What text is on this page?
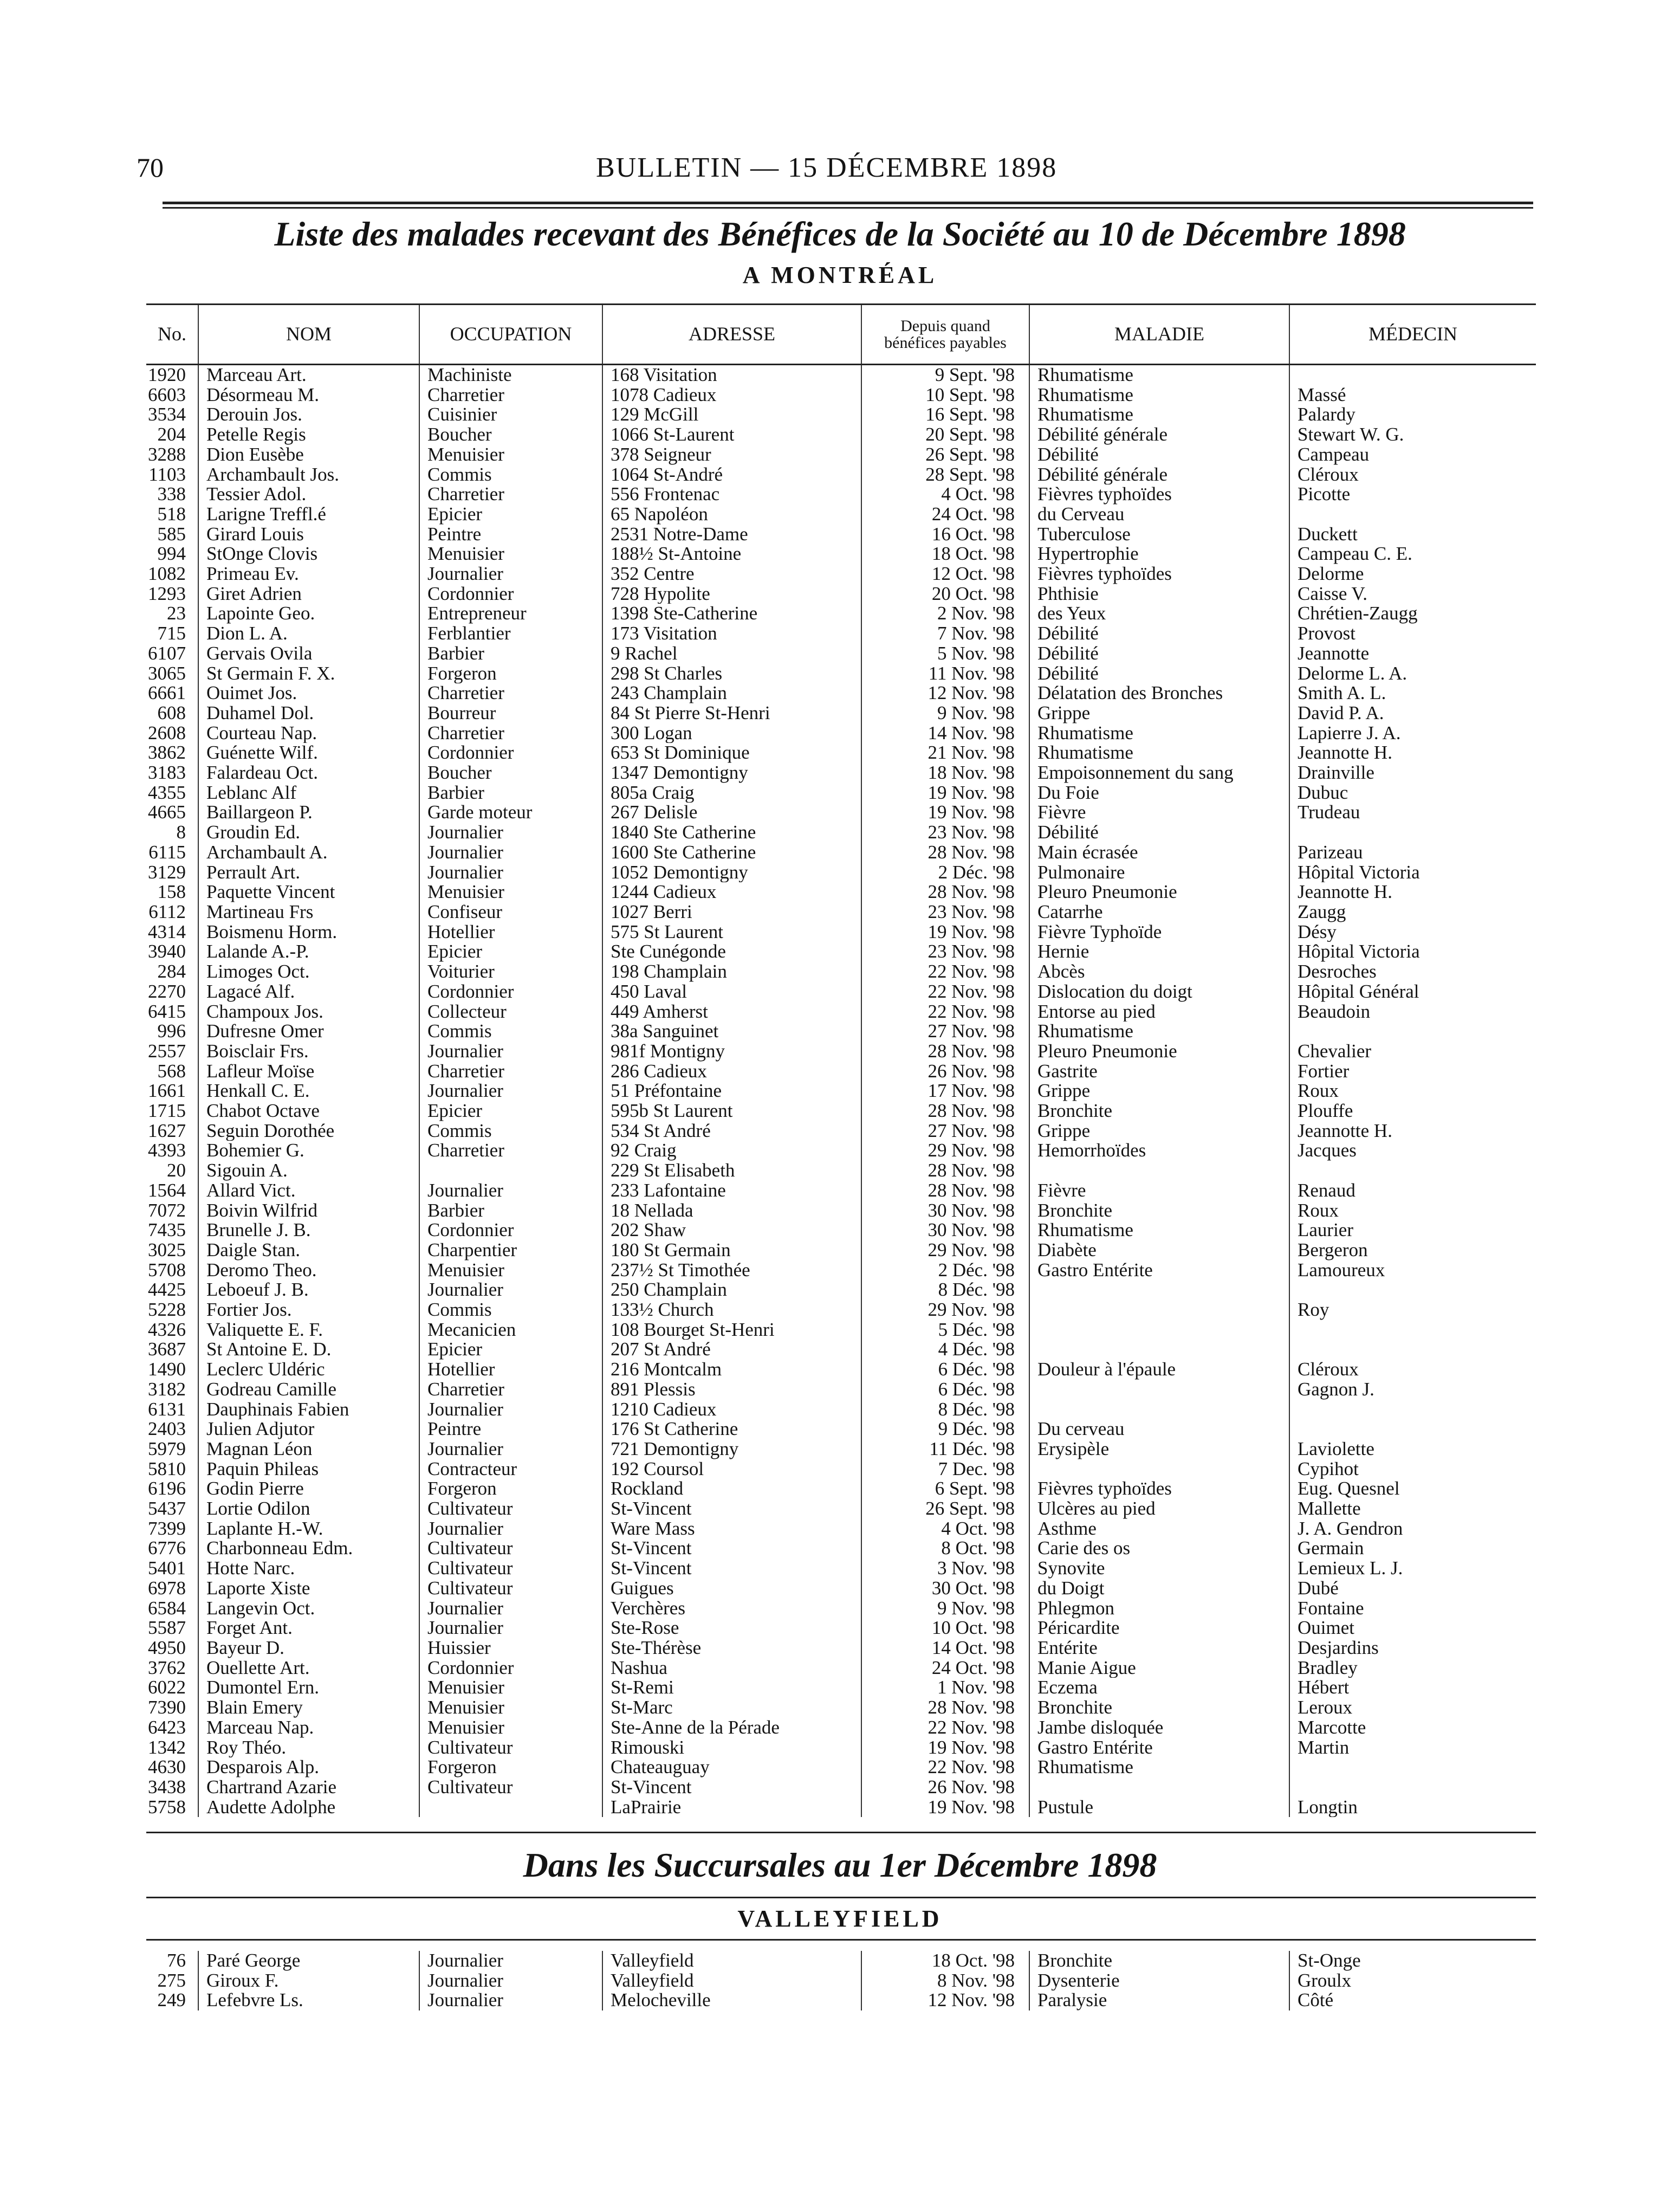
70	BULLETIN — 15 DÉCEMBRE 1898
Liste des malades recevant des Bénéfices de la Société au 10 de Décembre 1898
A MONTRÉAL
No.	NOM	OCCUPATION	ADRESSE	Depuis quand
bénéfices payables	MALADIE	MÉDECIN
1920	Marceau Art.	Machiniste	168 Visitation	9 Sept. '98	Rhumatisme	
6603	Désormeau M.	Charretier	1078 Cadieux	10 Sept. '98	Rhumatisme	Massé
3534	Derouin Jos.	Cuisinier	129 McGill	16 Sept. '98	Rhumatisme	Palardy
204	Petelle Regis	Boucher	1066 St-Laurent	20 Sept. '98	Débilité générale	Stewart W. G.
3288	Dion Eusèbe	Menuisier	378 Seigneur	26 Sept. '98	Débilité	Campeau
1103	Archambault Jos.	Commis	1064 St-André	28 Sept. '98	Débilité générale	Cléroux
338	Tessier Adol.	Charretier	556 Frontenac	4 Oct. '98	Fièvres typhoïdes	Picotte
518	Larigne Treffl.é	Epicier	65 Napoléon	24 Oct. '98	du Cerveau	
585	Girard Louis	Peintre	2531 Notre-Dame	16 Oct. '98	Tuberculose	Duckett
994	StOnge Clovis	Menuisier	188½ St-Antoine	18 Oct. '98	Hypertrophie	Campeau C. E.
1082	Primeau Ev.	Journalier	352 Centre	12 Oct. '98	Fièvres typhoïdes	Delorme
1293	Giret Adrien	Cordonnier	728 Hypolite	20 Oct. '98	Phthisie	Caisse V.
23	Lapointe Geo.	Entrepreneur	1398 Ste-Catherine	2 Nov. '98	des Yeux	Chrétien-Zaugg
715	Dion L. A.	Ferblantier	173 Visitation	7 Nov. '98	Débilité	Provost
6107	Gervais Ovila	Barbier	9 Rachel	5 Nov. '98	Débilité	Jeannotte
3065	St Germain F. X.	Forgeron	298 St Charles	11 Nov. '98	Débilité	Delorme L. A.
6661	Ouimet Jos.	Charretier	243 Champlain	12 Nov. '98	Délatation des Bronches	Smith A. L.
608	Duhamel Dol.	Bourreur	84 St Pierre St-Henri	9 Nov. '98	Grippe	David P. A.
2608	Courteau Nap.	Charretier	300 Logan	14 Nov. '98	Rhumatisme	Lapierre J. A.
3862	Guénette Wilf.	Cordonnier	653 St Dominique	21 Nov. '98	Rhumatisme	Jeannotte H.
3183	Falardeau Oct.	Boucher	1347 Demontigny	18 Nov. '98	Empoisonnement du sang	Drainville
4355	Leblanc Alf	Barbier	805a Craig	19 Nov. '98	Du Foie	Dubuc
4665	Baillargeon P.	Garde moteur	267 Delisle	19 Nov. '98	Fièvre	Trudeau
8	Groudin Ed.	Journalier	1840 Ste Catherine	23 Nov. '98	Débilité	
6115	Archambault A.	Journalier	1600 Ste Catherine	28 Nov. '98	Main écrasée	Parizeau
3129	Perrault Art.	Journalier	1052 Demontigny	2 Déc. '98	Pulmonaire	Hôpital Victoria
158	Paquette Vincent	Menuisier	1244 Cadieux	28 Nov. '98	Pleuro Pneumonie	Jeannotte H.
6112	Martineau Frs	Confiseur	1027 Berri	23 Nov. '98	Catarrhe	Zaugg
4314	Boismenu Horm.	Hotellier	575 St Laurent	19 Nov. '98	Fièvre Typhoïde	Désy
3940	Lalande A.-P.	Epicier	Ste Cunégonde	23 Nov. '98	Hernie	Hôpital Victoria
284	Limoges Oct.	Voiturier	198 Champlain	22 Nov. '98	Abcès	Desroches
2270	Lagacé Alf.	Cordonnier	450 Laval	22 Nov. '98	Dislocation du doigt	Hôpital Général
6415	Champoux Jos.	Collecteur	449 Amherst	22 Nov. '98	Entorse au pied	Beaudoin
996	Dufresne Omer	Commis	38a Sanguinet	27 Nov. '98	Rhumatisme	
2557	Boisclair Frs.	Journalier	981f Montigny	28 Nov. '98	Pleuro Pneumonie	Chevalier
568	Lafleur Moïse	Charretier	286 Cadieux	26 Nov. '98	Gastrite	Fortier
1661	Henkall C. E.	Journalier	51 Préfontaine	17 Nov. '98	Grippe	Roux
1715	Chabot Octave	Epicier	595b St Laurent	28 Nov. '98	Bronchite	Plouffe
1627	Seguin Dorothée	Commis	534 St André	27 Nov. '98	Grippe	Jeannotte H.
4393	Bohemier G.	Charretier	92 Craig	29 Nov. '98	Hemorrhoïdes	Jacques
20	Sigouin A.		229 St Elisabeth	28 Nov. '98		
1564	Allard Vict.	Journalier	233 Lafontaine	28 Nov. '98	Fièvre	Renaud
7072	Boivin Wilfrid	Barbier	18 Nellada	30 Nov. '98	Bronchite	Roux
7435	Brunelle J. B.	Cordonnier	202 Shaw	30 Nov. '98	Rhumatisme	Laurier
3025	Daigle Stan.	Charpentier	180 St Germain	29 Nov. '98	Diabète	Bergeron
5708	Deromo Theo.	Menuisier	237½ St Timothée	2 Déc. '98	Gastro Entérite	Lamoureux
4425	Leboeuf J. B.	Journalier	250 Champlain	8 Déc. '98		
5228	Fortier Jos.	Commis	133½ Church	29 Nov. '98		Roy
4326	Valiquette E. F.	Mecanicien	108 Bourget St-Henri	5 Déc. '98		
3687	St Antoine E. D.	Epicier	207 St André	4 Déc. '98		
1490	Leclerc Uldéric	Hotellier	216 Montcalm	6 Déc. '98	Douleur à l'épaule	Cléroux
3182	Godreau Camille	Charretier	891 Plessis	6 Déc. '98		Gagnon J.
6131	Dauphinais Fabien	Journalier	1210 Cadieux	8 Déc. '98		
2403	Julien Adjutor	Peintre	176 St Catherine	9 Déc. '98	Du cerveau	
5979	Magnan Léon	Journalier	721 Demontigny	11 Déc. '98	Erysipèle	Laviolette
5810	Paquin Phileas	Contracteur	192 Coursol	7 Dec. '98		Cypihot
6196	Godin Pierre	Forgeron	Rockland	6 Sept. '98	Fièvres typhoïdes	Eug. Quesnel
5437	Lortie Odilon	Cultivateur	St-Vincent	26 Sept. '98	Ulcères au pied	Mallette
7399	Laplante H.-W.	Journalier	Ware Mass	4 Oct. '98	Asthme	J. A. Gendron
6776	Charbonneau Edm.	Cultivateur	St-Vincent	8 Oct. '98	Carie des os	Germain
5401	Hotte Narc.	Cultivateur	St-Vincent	3 Nov. '98	Synovite	Lemieux L. J.
6978	Laporte Xiste	Cultivateur	Guigues	30 Oct. '98	du Doigt	Dubé
6584	Langevin Oct.	Journalier	Verchères	9 Nov. '98	Phlegmon	Fontaine
5587	Forget Ant.	Journalier	Ste-Rose	10 Oct. '98	Péricardite	Ouimet
4950	Bayeur D.	Huissier	Ste-Thérèse	14 Oct. '98	Entérite	Desjardins
3762	Ouellette Art.	Cordonnier	Nashua	24 Oct. '98	Manie Aigue	Bradley
6022	Dumontel Ern.	Menuisier	St-Remi	1 Nov. '98	Eczema	Hébert
7390	Blain Emery	Menuisier	St-Marc	28 Nov. '98	Bronchite	Leroux
6423	Marceau Nap.	Menuisier	Ste-Anne de la Pérade	22 Nov. '98	Jambe disloquée	Marcotte
1342	Roy Théo.	Cultivateur	Rimouski	19 Nov. '98	Gastro Entérite	Martin
4630	Desparois Alp.	Forgeron	Chateauguay	22 Nov. '98	Rhumatisme	
3438	Chartrand Azarie	Cultivateur	St-Vincent	26 Nov. '98		
5758	Audette Adolphe		LaPrairie	19 Nov. '98	Pustule	Longtin
Dans les Succursales au 1er Décembre 1898
VALLEYFIELD
76	Paré George	Journalier	Valleyfield	18 Oct. '98	Bronchite	St-Onge
275	Giroux F.	Journalier	Valleyfield	8 Nov. '98	Dysenterie	Groulx
249	Lefebvre Ls.	Journalier	Melocheville	12 Nov. '98	Paralysie	Côté
